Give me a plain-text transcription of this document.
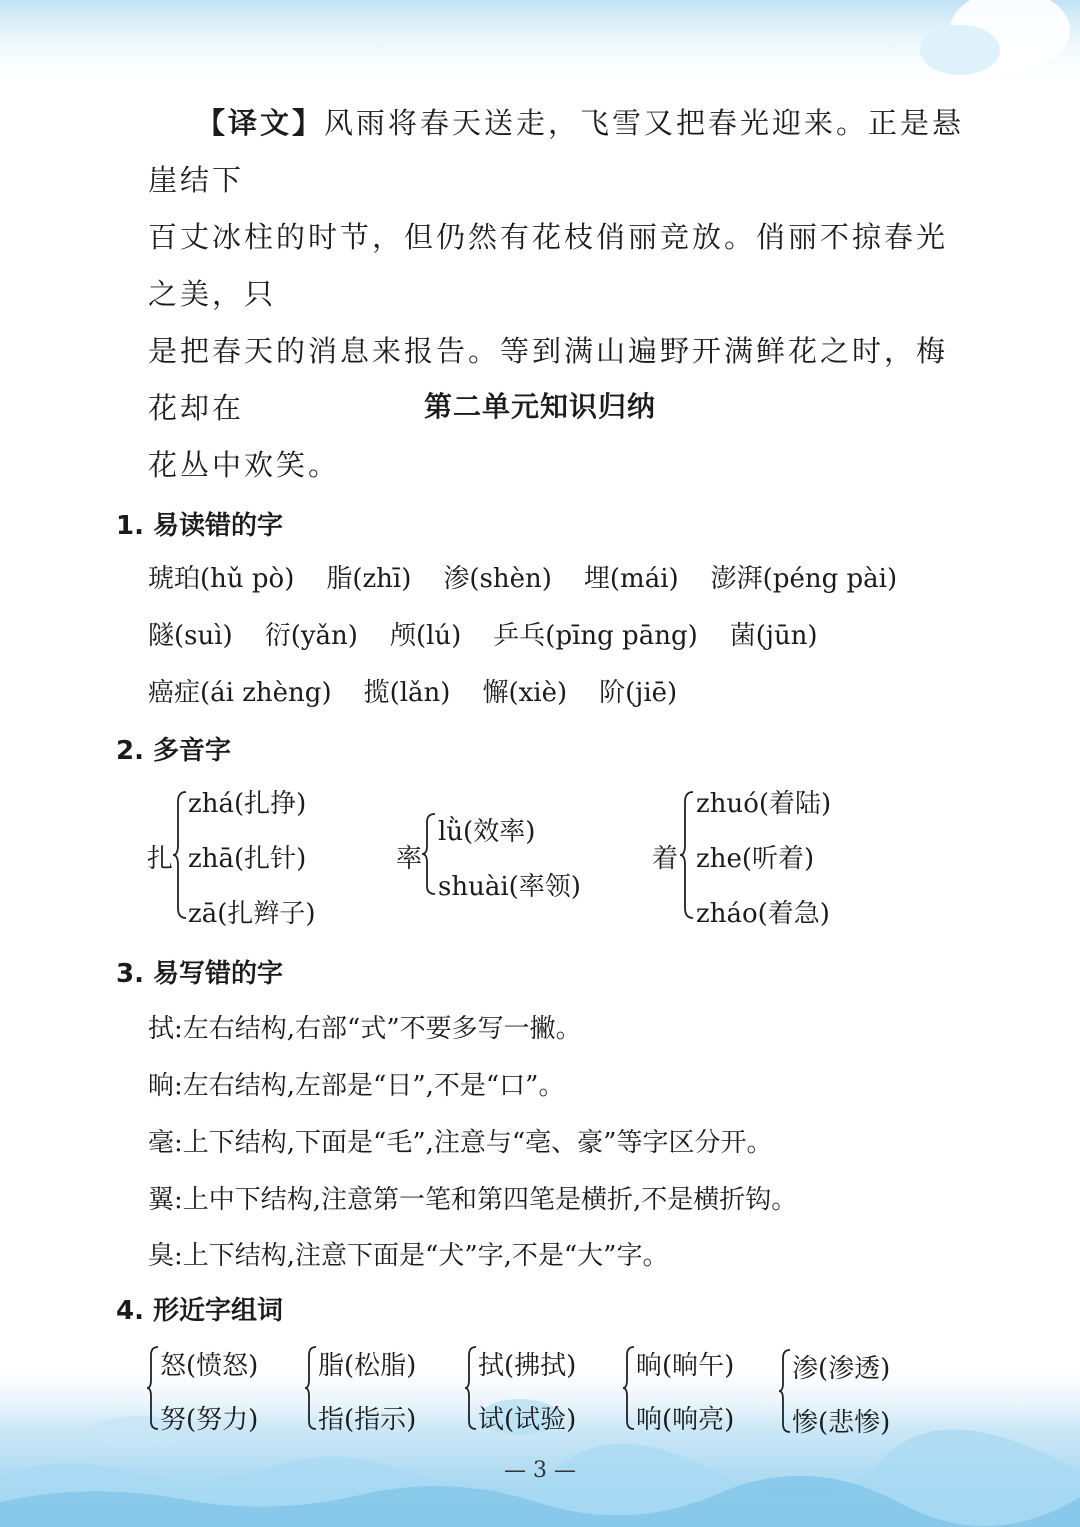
【译文】风雨将春天送走，飞雪又把春光迎来。正是悬崖结下
百丈冰柱的时节，但仍然有花枝俏丽竞放。俏丽不掠春光之美，只
是把春天的消息来报告。等到满山遍野开满鲜花之时，梅花却在
花丛中欢笑。
第二单元知识归纳
1. 易读错的字
琥珀(hǔ pò) 脂(zhī) 渗(shèn) 埋(mái) 澎湃(péng pài)
隧(suì) 衍(yǎn) 颅(lú) 乒乓(pīng pāng) 菌(jūn)
癌症(ái zhèng) 揽(lǎn) 懈(xiè) 阶(jiē)
2. 多音字
扎
zhá(扎挣)
zhā(扎针)
zā(扎辫子)
率
lǜ(效率)
shuài(率领)
着
zhuó(着陆)
zhe(听着)
zháo(着急)
3. 易写错的字
拭:左右结构,右部“式”不要多写一撇。
晌:左右结构,左部是“日”,不是“口”。
毫:上下结构,下面是“毛”,注意与“亳、豪”等字区分开。
翼:上中下结构,注意第一笔和第四笔是横折,不是横折钩。
臭:上下结构,注意下面是“犬”字,不是“大”字。
4. 形近字组词
怒(愤怒)
努(努力)
脂(松脂)
指(指示)
拭(拂拭)
试(试验)
晌(晌午)
响(响亮)
渗(渗透)
惨(悲惨)
— 3 —
